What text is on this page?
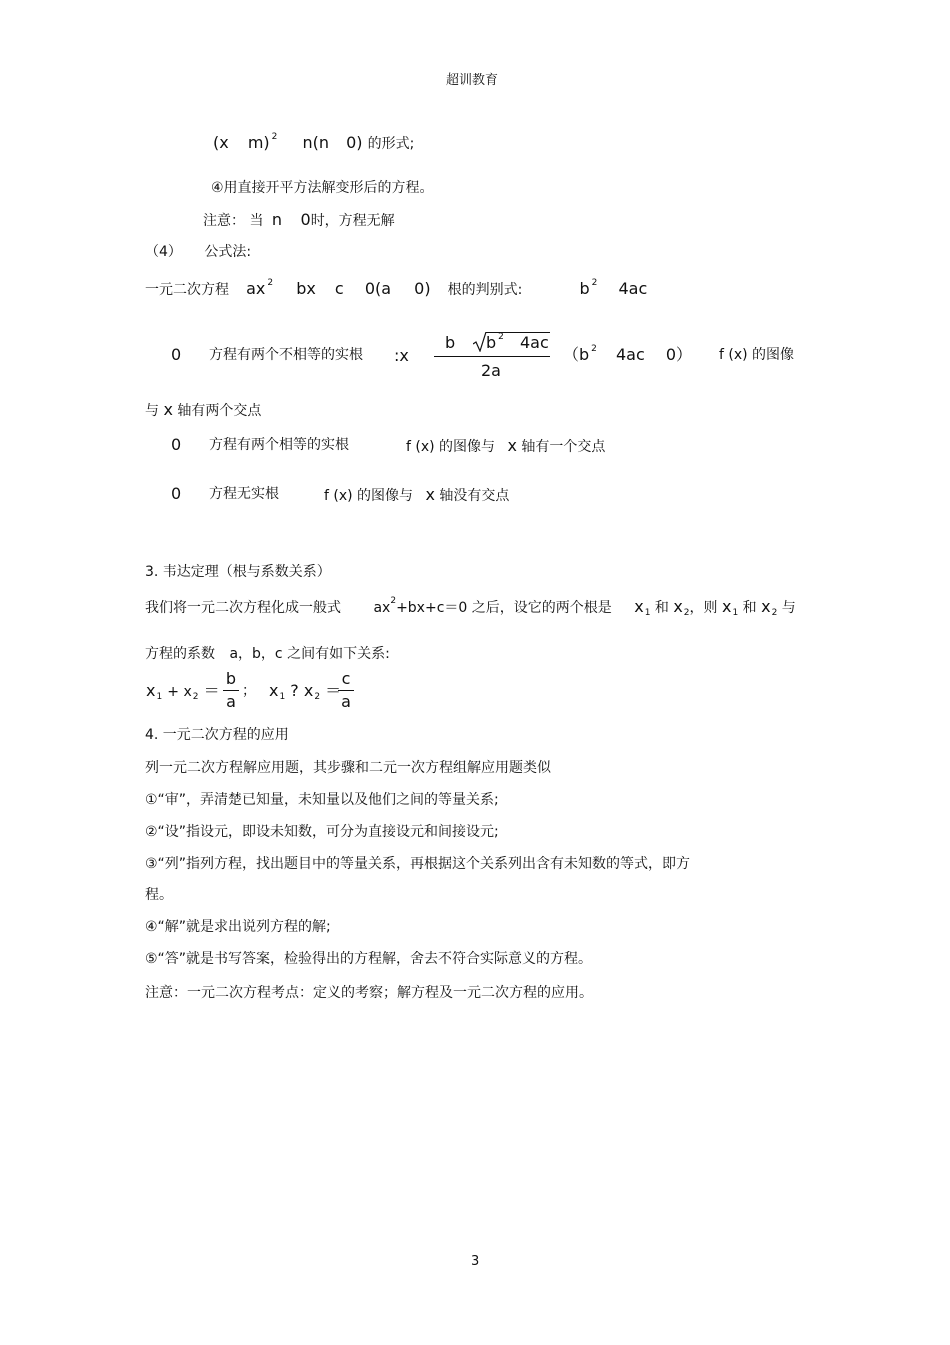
超训教育
(x m) $^2$ n(n 0) 的形式;
④用直接开平方法解变形后的方程。
注意： 当 n 0时，方程无解
（4） 公式法:
一元二次方程 ax $^2$ bx c 0(a 0) 根的判别式:	b $^2$ 4ac
0 方程有两个不相等的实根 :x
b b $^2$ 4ac
2a
（b $^2$ 4ac 0） f (x) 的图像
与 x 轴有两个交点
0 方程有两个相等的实根	f (x) 的图像与 x 轴有一个交点
0 方程无实根	f (x) 的图像与 x 轴没有交点
3. 韦达定理（根与系数关系）
我们将一元二次方程化成一般式 $ax^2+bx+c=0$ 之后，设它的两个根是 $x_1$ 和 $x_2$，则 $x_1$ 和 $x_2$ 与
方程的系数 a，b，c 之间有如下关系:
x1 + x2 ＝
b
a
； x1 ? x2 ＝
c
a
4. 一元二次方程的应用
列一元二次方程解应用题，其步骤和二元一次方程组解应用题类似
①“审”，弄清楚已知量，未知量以及他们之间的等量关系;
②“设”指设元，即设未知数，可分为直接设元和间接设元;
③“列”指列方程，找出题目中的等量关系，再根据这个关系列出含有未知数的等式，即方
程。
④“解”就是求出说列方程的解;
⑤“答”就是书写答案，检验得出的方程解，舍去不符合实际意义的方程。
注意：一元二次方程考点：定义的考察；解方程及一元二次方程的应用。
3
